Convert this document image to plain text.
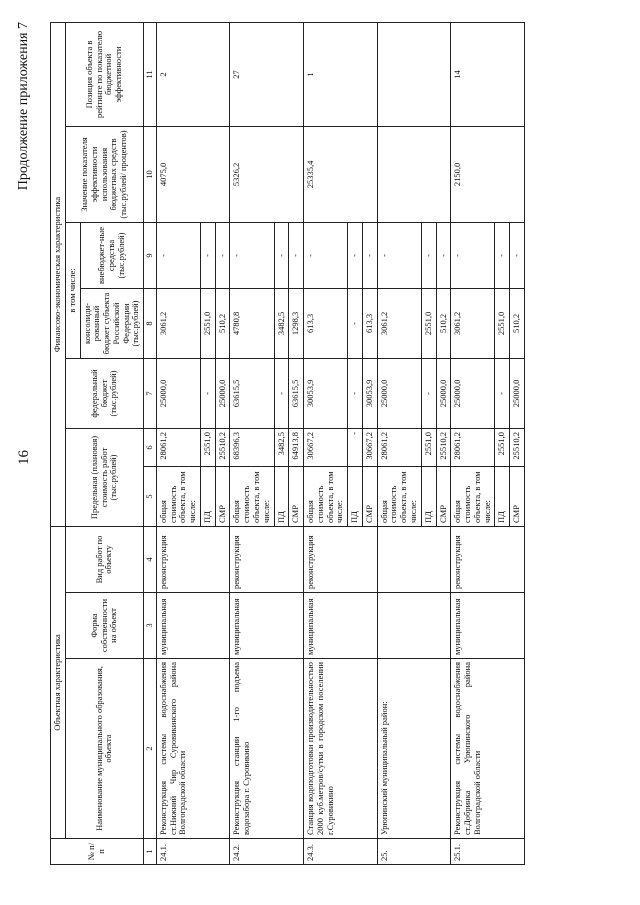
16
Продолжение приложения 7
№ п/п	Объектная характеристика			Финансово-экономическая характеристика						
	Наименование муниципального образования, объекта	Форма собственности на объект	Вид работ по объекту	Предельная (плановая) стоимость работ (тыс.рублей)		федеральный бюджет (тыс.рублей)	в том числе:		Значение показателя эффективности использования бюджетных средств (тыс.рублей/ процентов)	Позиция объекта в рейтинге по показателю бюджетной эффективности
							консолиди-рованный бюджет субъекта Российской Федерации (тыс.рублей)	внебюджет-ные средства (тыс.рублей)		
1	2	3	4	5	6	7	8	9	10	11
24.1.	Реконструкция системы водоснабжения ст.Нижний Чир Суровикинского района Волгоградской области	муниципальная	реконструкция	общая стоимость объекта, в том числе:	28061,2	25000,0	3061,2	-	4075,0	2
				ПД	2551,0	-	2551,0	-		
				СМР	25510,2	25000,0	510,2	-		
24.2.	Реконструкция станции 1-го подъема водозабора г. Суровикино	муниципальная	реконструкция	общая стоимость объекта, в том числе:	68396,3	63615,5	4780,8	-	5326,2	27
				ПД	3482,5	-	3482,5	-		
				СМР	64913,8	63615,5	1298,3	-		
24.3.	Станция водоподготовки производительностью 2000 куб.метров/сутки в городском поселении г.Суровикино	муниципальная	реконструкция	общая стоимость объекта, в том числе:	30667,2	30053,9	613,3	-	25335,4	1
				ПД	-	-	-	-		
				СМР	30667,2	30053,9	613,3	-		
25.	Урюпинский муниципальный район:			общая стоимость объекта, в том числе:	28061,2	25000,0	3061,2	-		
				ПД	2551,0	-	2551,0	-		
				СМР	25510,2	25000,0	510,2	-		
25.1.	Реконструкция системы водоснабжения ст.Добринка Урюпинского района Волгоградской области	муниципальная	реконструкция	общая стоимость объекта, в том числе:	28061,2	25000,0	3061,2	-	2150,0	14
				ПД	2551,0	-	2551,0	-		
				СМР	25510,2	25000,0	510,2	-		
